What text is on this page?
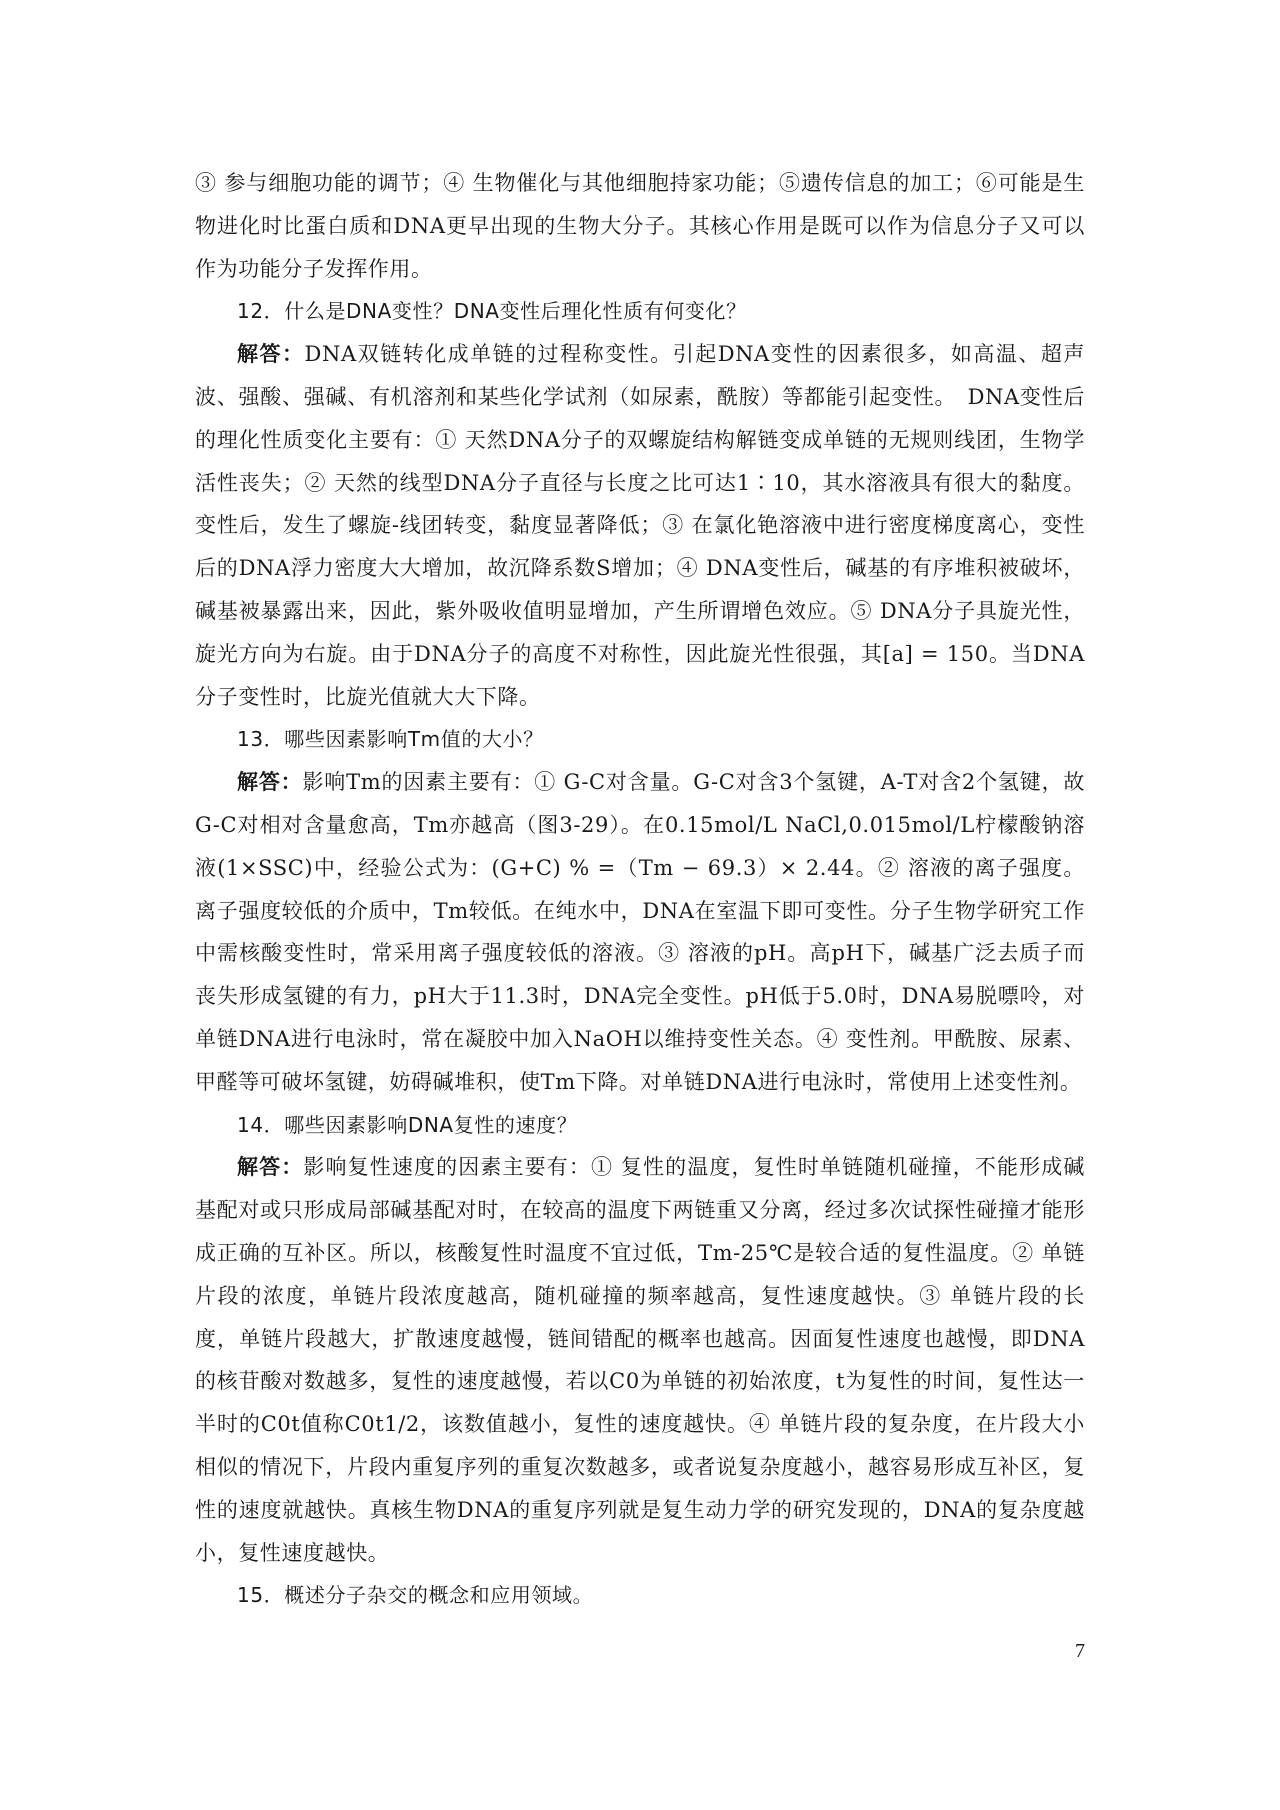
③ 参与细胞功能的调节；④ 生物催化与其他细胞持家功能；⑤遗传信息的加工；⑥可能是生物进化时比蛋白质和DNA更早出现的生物大分子。其核心作用是既可以作为信息分子又可以作为功能分子发挥作用。

12．什么是DNA变性？DNA变性后理化性质有何变化？

解答：DNA双链转化成单链的过程称变性。引起DNA变性的因素很多，如高温、超声波、强酸、强碱、有机溶剂和某些化学试剂（如尿素，酰胺）等都能引起变性。　DNA变性后的理化性质变化主要有：① 天然DNA分子的双螺旋结构解链变成单链的无规则线团，生物学活性丧失；② 天然的线型DNA分子直径与长度之比可达1∶10，其水溶液具有很大的黏度。变性后，发生了螺旋-线团转变，黏度显著降低；③ 在氯化铯溶液中进行密度梯度离心，变性后的DNA浮力密度大大增加，故沉降系数S增加；④ DNA变性后，碱基的有序堆积被破坏，碱基被暴露出来，因此，紫外吸收值明显增加，产生所谓增色效应。⑤ DNA分子具旋光性，旋光方向为右旋。由于DNA分子的高度不对称性，因此旋光性很强，其[a] = 150。当DNA分子变性时，比旋光值就大大下降。

13．哪些因素影响Tm值的大小？

解答：影响Tm的因素主要有：① G-C对含量。G-C对含3个氢键，A-T对含2个氢键，故G-C对相对含量愈高，Tm亦越高（图3-29）。在0.15mol/L NaCl,0.015mol/L柠檬酸钠溶液(1×SSC)中，经验公式为：(G+C) % =（Tm − 69.3）× 2.44。② 溶液的离子强度。离子强度较低的介质中，Tm较低。在纯水中，DNA在室温下即可变性。分子生物学研究工作中需核酸变性时，常采用离子强度较低的溶液。③ 溶液的pH。高pH下，碱基广泛去质子而丧失形成氢键的有力，pH大于11.3时，DNA完全变性。pH低于5.0时，DNA易脱嘌呤，对单链DNA进行电泳时，常在凝胶中加入NaOH以维持变性关态。④ 变性剂。甲酰胺、尿素、甲醛等可破坏氢键，妨碍碱堆积，使Tm下降。对单链DNA进行电泳时，常使用上述变性剂。

14．哪些因素影响DNA复性的速度？

解答：影响复性速度的因素主要有：① 复性的温度，复性时单链随机碰撞，不能形成碱基配对或只形成局部碱基配对时，在较高的温度下两链重又分离，经过多次试探性碰撞才能形成正确的互补区。所以，核酸复性时温度不宜过低，Tm-25℃是较合适的复性温度。② 单链片段的浓度，单链片段浓度越高，随机碰撞的频率越高，复性速度越快。③ 单链片段的长度，单链片段越大，扩散速度越慢，链间错配的概率也越高。因面复性速度也越慢，即DNA的核苷酸对数越多，复性的速度越慢，若以C0为单链的初始浓度，t为复性的时间，复性达一半时的C0t值称C0t1/2，该数值越小，复性的速度越快。④ 单链片段的复杂度，在片段大小相似的情况下，片段内重复序列的重复次数越多，或者说复杂度越小，越容易形成互补区，复性的速度就越快。真核生物DNA的重复序列就是复生动力学的研究发现的，DNA的复杂度越小，复性速度越快。

15．概述分子杂交的概念和应用领域。

7
